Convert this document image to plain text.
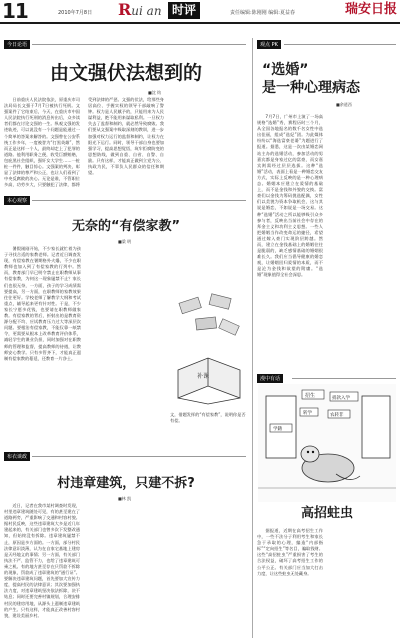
11	2010年7月8日 Rui an 时评	责任编辑:陈刚刚 编辑:夏益春	瑞安日报
今日论语
由文强伏法想到的
■沈 钩
日前重庆人民法院依法，原重庆市司法局局长文强于7月7日被执行死刑。文强案件了它结束后，今天，在重庆市中国人民法院执行死刑的消息传出后，众多读者们都在讨论文强的一生。纵观文强的发迹轨迹，可以说没有一个问题是能通过一个简单的答案来解答的。文强曾在公安系统工作多年，一度被誉为“打黑英雄”，然而正是这样一个人，最终却走上了犯罪的道路。他利用职务之便，收受巨额贿赂，包庇黑社会组织，强奸女大学生……一桩桩一件件，触目惊心。文强案的判决，彰显了法律的尊严和公正，也让人们看到了中央反腐败的决心。无论是谁，不管职位多高，功劳多大，只要触犯了法律，都将受到法律的严惩。文强的伏法，给那些身居高位、手握实权的领导干部敲响了警钟。权力是人民赋予的，只能用来为人民谋利益，绝不能用来谋取私利。一旦权力失去了监督和制约，就必然导致腐败。我们要从文强案中吸取深刻的教训，进一步加强对权力运行的监督和制约，让权力在阳光下运行。同时，领导干部自身也要加强学习，提高思想觉悟，筑牢拒腐防变的思想防线，做到自重、自省、自警、自励。只有这样，才能真正做到立党为公、执政为民，不辜负人民群众的信任和期望。
本心观察
无奈的“有偿家教”
■梁 明
暑假刚刚开始，不少家长就忙着为孩子寻找合适的家教老师。记者近日调查发现，有偿家教在暑期格外火爆，不少在职教师也加入到了有偿家教的行列中。然而，教育部门早已明令禁止在职教师从事有偿家教，为何这一现象屡禁不止？家长们也很无奈，一方面，孩子的学习成绩需要提高，另一方面，在职教师的家教效果往往更好。学校老师了解教学大纲和考试重点，辅导起来更有针对性。于是，不少家长宁愿多花钱，也要请在职教师做家教。有偿家教的背后，折射出的是教育资源分配不均、应试教育压力过大等深层次问题。要根治有偿家教，不能仅靠一纸禁令，更需要从根本上改革教育评价体系，减轻学生的课业负担，同时加强对在职教师的管理和监督，提高教师的待遇，让教师安心教学。只有多管齐下，才能真正遏制有偿家教的蔓延，还教育一片净土。
补课
文，借题发挥的“有偿家教”，说明你是否有偿。
布衣谈政
村违章建筑，只建不拆?
■林 凯
近日，记者在我市某村调查时发现，村里违章建筑随处可见，有的甚至建在了道路两旁，严重影响了交通和村容村貌。据村民反映，这些违章建筑大多是近几年建起来的，有关部门也曾多次下发整改通知，但始终没有拆除。违章建筑屡禁不止，原因是多方面的。一方面，部分村民法律意识淡薄，认为在自家宅基地上建房是天经地义的事情；另一方面，有关部门执法不严、监管不力，也给了违章建筑可乘之机。有的地方甚至存在只罚款不拆除的现象，罚款成了违章建筑的“通行证”。要解决违章建筑问题，首先要加大宣传力度，提高村民的法律意识；其次要加强执法力度，对违章建筑坚决依法拆除，决不姑息；同时还要完善村镇规划，合理安排村民的建房用地，从源头上遏制违章建筑的产生。只有这样，才能真正改善村容村貌，建设美丽乡村。
观点 PK
“选婚”
是一种心理病态
■余道西
7月7日，广州市上演了一场高规格“选婚”秀，赛程历时三个月，从全国各地报名的数千名女性中选出佳丽，组成“选妃”团。为此媒体纷纷以“海选富豪老婆”为题进行了报道。据悉，这是一次由某婚恋网站主办的选婚活动，参加活动的男嘉宾都是身家过亿的富豪，而女嘉宾则需经过层层选拔。这种“选婚”活动，表面上看是一种婚恋交友方式，实际上反映的是一种心理病态。婚姻本应建立在爱情的基础上，而不是金钱和外貌的交换。富豪们以金钱为筹码挑选配偶，女性们以美貌为资本争取机会，这与其说是婚恋，不如说是一场交易。这种“选婚”活动之所以能够吸引众多参与者，反映出当前社会中存在的拜金主义和功利主义思想。一些人把婚姻当作改变命运的捷径，希望通过嫁入豪门实现阶层跨越。然而，建立在金钱基础上的婚姻往往是脆弱的，缺乏感情基础的婚姻很难长久。我们应当倡导健康的婚恋观，让婚姻回归爱情的本质，而不是沦为金钱和欲望的附庸。“选婚”现象值得全社会深思。
漫中有话
招生	捐款入学
转学	农转非
学籍
高招蛀虫
据报道，近期在高考招生工作中，一些不法分子利用考生和家长急于录取的心理，编造“内部指标”“定向招生”等名目，骗取钱财。这些“高招蛀虫”严重损害了考生的合法权益，破坏了高考招生工作的公平公正。有关部门应当加大打击力度，让这些蛀虫无处藏身。
